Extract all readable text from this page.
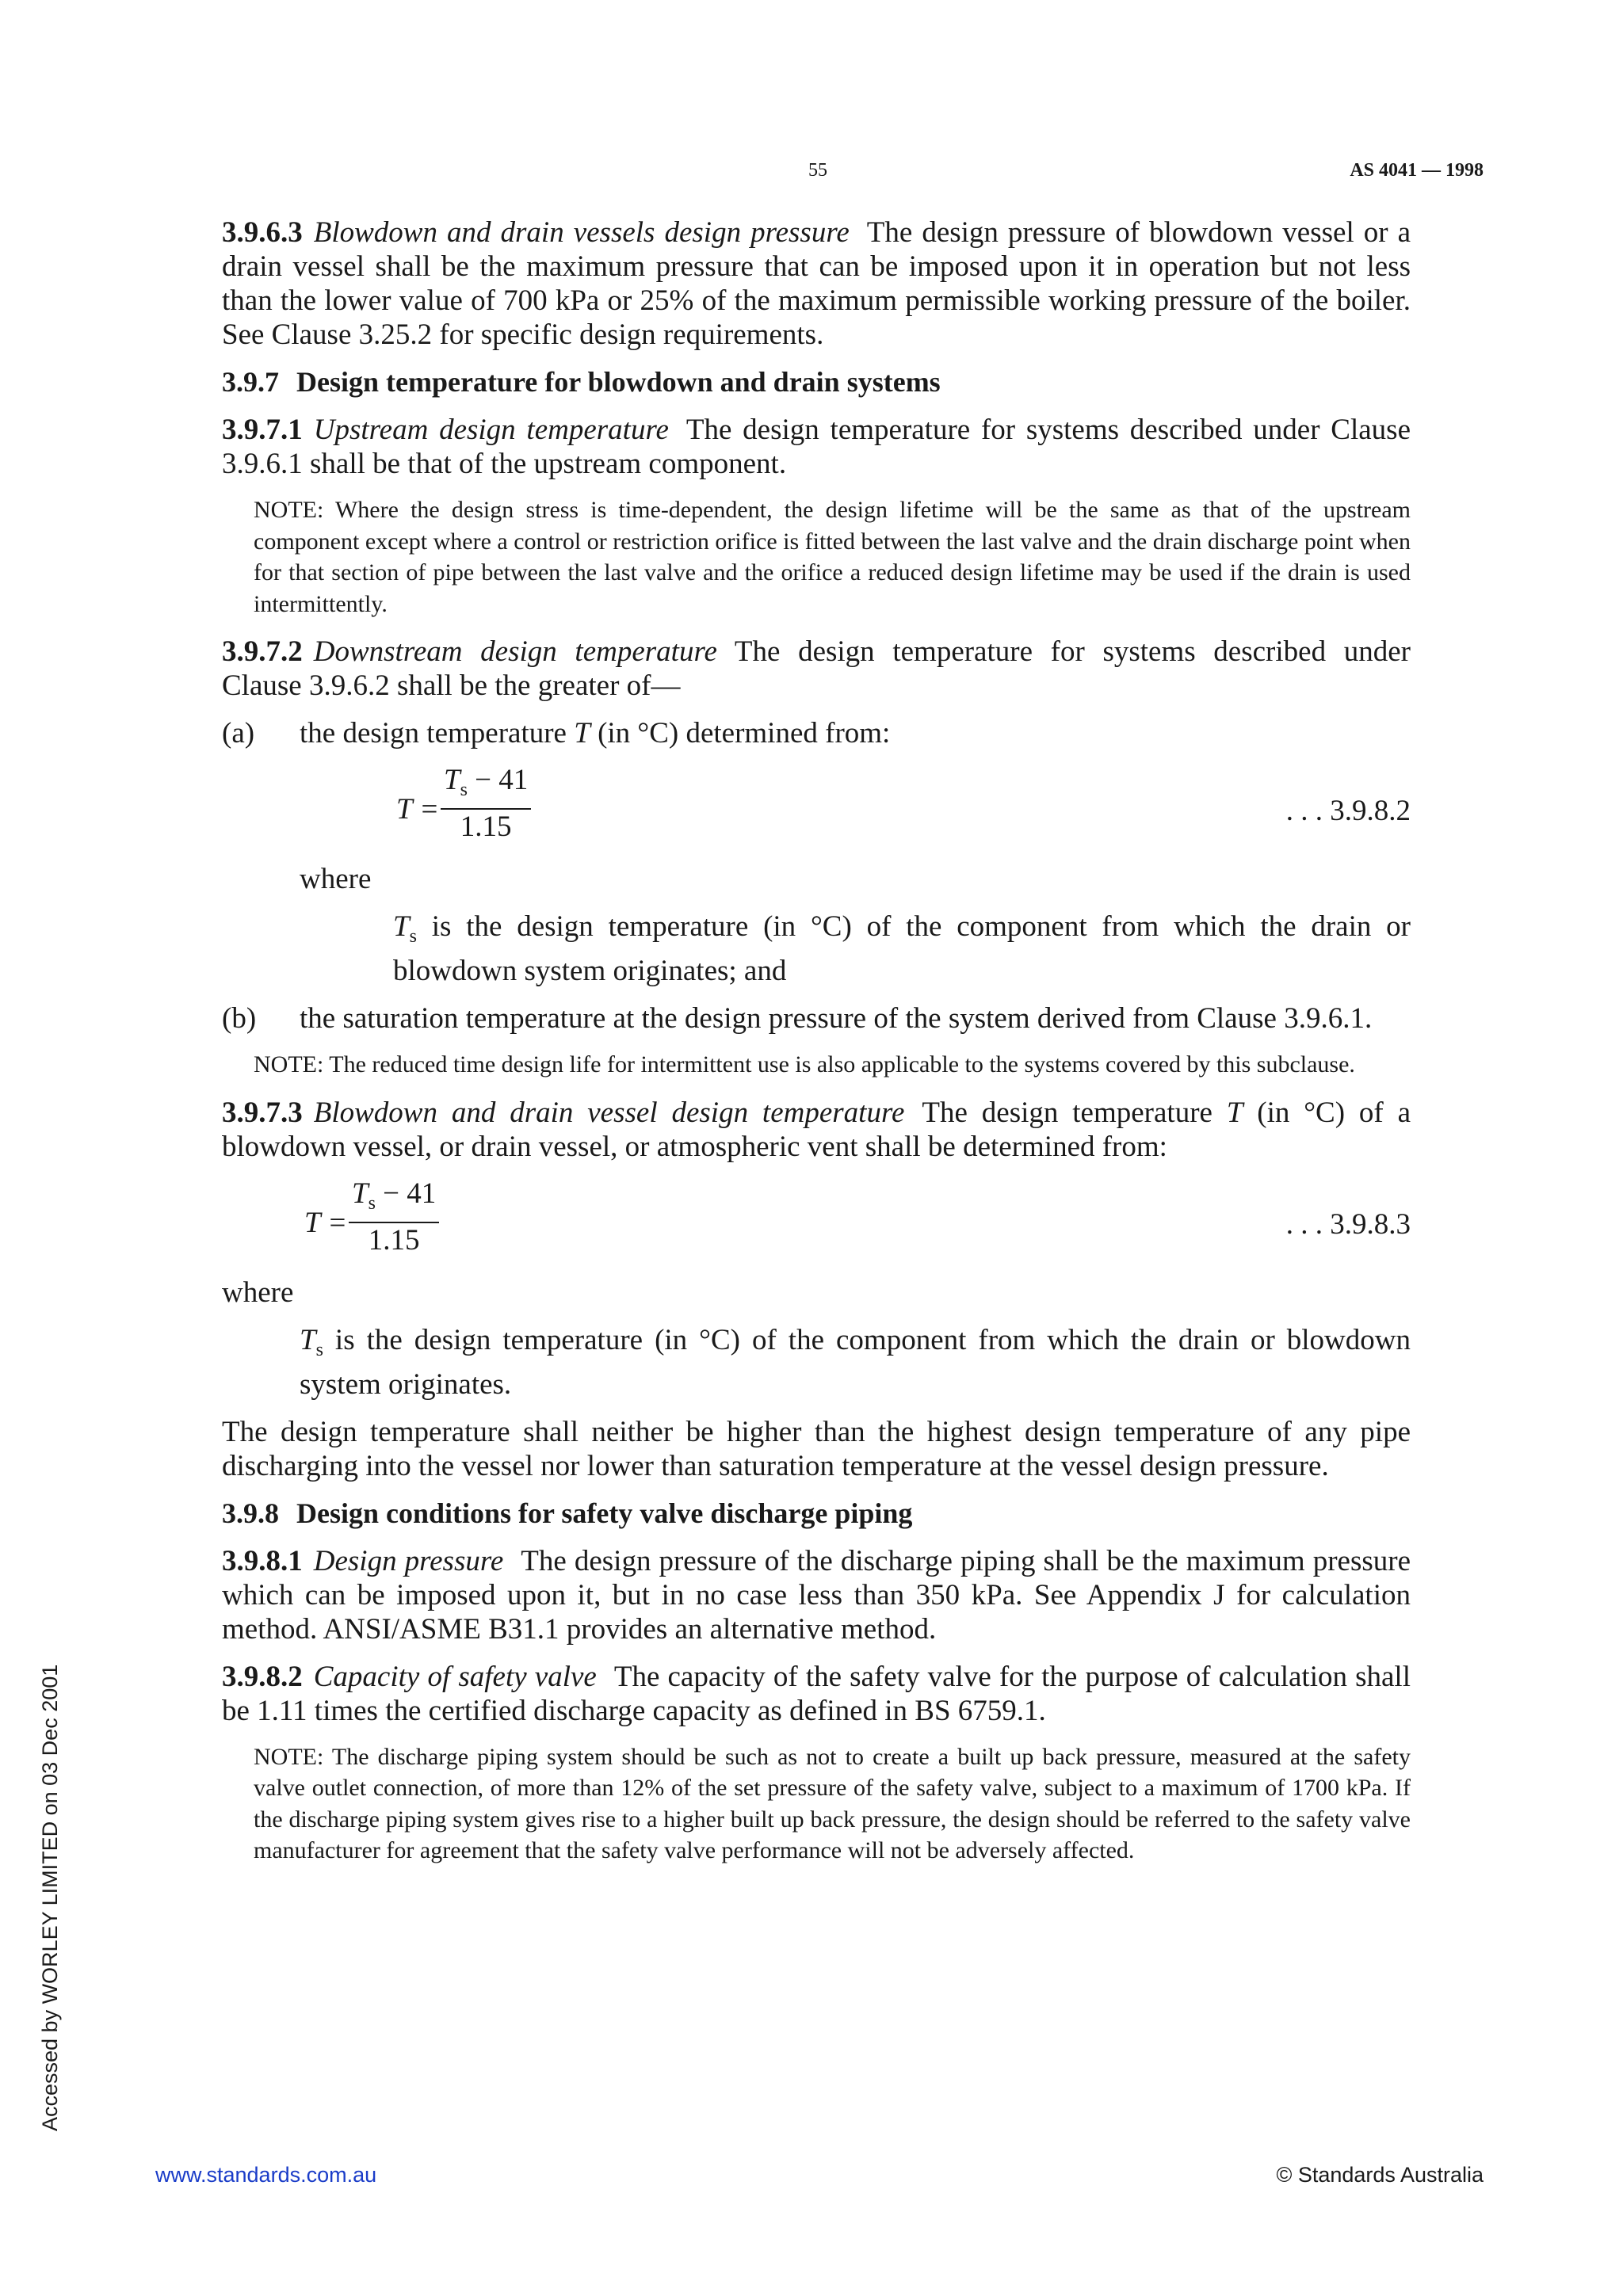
55	AS 4041 — 1998

3.9.6.3 Blowdown and drain vessels design pressure The design pressure of blowdown vessel or a drain vessel shall be the maximum pressure that can be imposed upon it in operation but not less than the lower value of 700 kPa or 25% of the maximum permissible working pressure of the boiler. See Clause 3.25.2 for specific design requirements.

3.9.7 Design temperature for blowdown and drain systems

3.9.7.1 Upstream design temperature The design temperature for systems described under Clause 3.9.6.1 shall be that of the upstream component.

NOTE: Where the design stress is time-dependent, the design lifetime will be the same as that of the upstream component except where a control or restriction orifice is fitted between the last valve and the drain discharge point when for that section of pipe between the last valve and the orifice a reduced design lifetime may be used if the drain is used intermittently.

3.9.7.2 Downstream design temperature The design temperature for systems described under Clause 3.9.6.2 shall be the greater of—

(a)	the design temperature T (in °C) determined from:
T =
$T_s - 41$
1.15	. . . 3.9.8.2

where

$T_s$ is the design temperature (in °C) of the component from which the drain or blowdown system originates; and

(b)	the saturation temperature at the design pressure of the system derived from Clause 3.9.6.1.

NOTE: The reduced time design life for intermittent use is also applicable to the systems covered by this subclause.

3.9.7.3 Blowdown and drain vessel design temperature The design temperature T (in °C) of a blowdown vessel, or drain vessel, or atmospheric vent shall be determined from:

T =
$T_s - 41$
1.15	. . . 3.9.8.3

where

$T_s$ is the design temperature (in °C) of the component from which the drain or blowdown system originates.

The design temperature shall neither be higher than the highest design temperature of any pipe discharging into the vessel nor lower than saturation temperature at the vessel design pressure.

3.9.8 Design conditions for safety valve discharge piping

3.9.8.1 Design pressure The design pressure of the discharge piping shall be the maximum pressure which can be imposed upon it, but in no case less than 350 kPa. See Appendix J for calculation method. ANSI/ASME B31.1 provides an alternative method.

3.9.8.2 Capacity of safety valve The capacity of the safety valve for the purpose of calculation shall be 1.11 times the certified discharge capacity as defined in BS 6759.1.

NOTE: The discharge piping system should be such as not to create a built up back pressure, measured at the safety valve outlet connection, of more than 12% of the set pressure of the safety valve, subject to a maximum of 1700 kPa. If the discharge piping system gives rise to a higher built up back pressure, the design should be referred to the safety valve manufacturer for agreement that the safety valve performance will not be adversely affected.

Accessed by WORLEY LIMITED on 03 Dec 2001
www.standards.com.au	© Standards Australia
